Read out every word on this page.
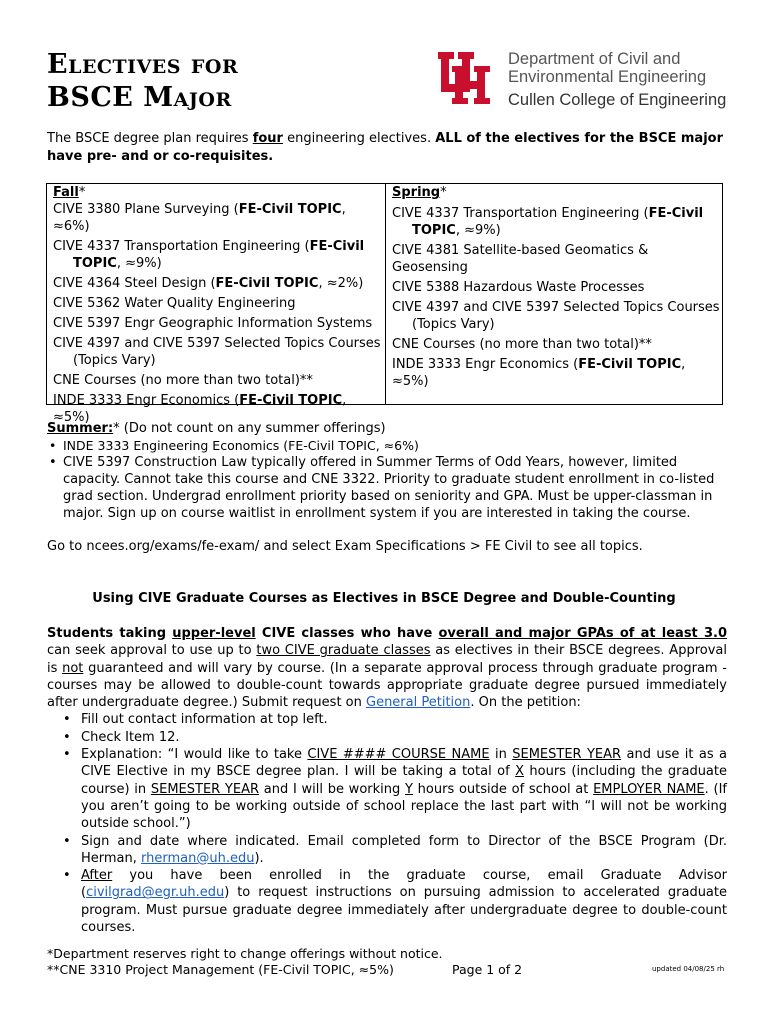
Electives for
BSCE Major
Department of Civil and
Environmental Engineering
Cullen College of Engineering
The BSCE degree plan requires four engineering electives. ALL of the electives for the BSCE major have pre- and or co-requisites.
Fall*
CIVE 3380 Plane Surveying (FE-Civil TOPIC, ≈6%)
CIVE 4337 Transportation Engineering (FE-Civil
TOPIC, ≈9%)
CIVE 4364 Steel Design (FE-Civil TOPIC, ≈2%)
CIVE 5362 Water Quality Engineering
CIVE 5397 Engr Geographic Information Systems
CIVE 4397 and CIVE 5397 Selected Topics Courses
(Topics Vary)
CNE Courses (no more than two total)**
INDE 3333 Engr Economics (FE-Civil TOPIC, ≈5%)
Spring*
CIVE 4337 Transportation Engineering (FE-Civil
TOPIC, ≈9%)
CIVE 4381 Satellite-based Geomatics & Geosensing
CIVE 5388 Hazardous Waste Processes
CIVE 4397 and CIVE 5397 Selected Topics Courses
(Topics Vary)
CNE Courses (no more than two total)**
INDE 3333 Engr Economics (FE-Civil TOPIC, ≈5%)
Summer:* (Do not count on any summer offerings)
• INDE 3333 Engineering Economics (FE-Civil TOPIC, ≈6%)
• CIVE 5397 Construction Law typically offered in Summer Terms of Odd Years, however, limited capacity. Cannot take this course and CNE 3322. Priority to graduate student enrollment in co-listed grad section. Undergrad enrollment priority based on seniority and GPA. Must be upper-classman in major. Sign up on course waitlist in enrollment system if you are interested in taking the course.
Go to ncees.org/exams/fe-exam/ and select Exam Specifications > FE Civil to see all topics.
Using CIVE Graduate Courses as Electives in BSCE Degree and Double-Counting
Students taking upper-level CIVE classes who have overall and major GPAs of at least 3.0 can seek approval to use up to two CIVE graduate classes as electives in their BSCE degrees. Approval is not guaranteed and will vary by course. (In a separate approval process through graduate program - courses may be allowed to double-count towards appropriate graduate degree pursued immediately after undergraduate degree.) Submit request on General Petition. On the petition:
• Fill out contact information at top left.
• Check Item 12.
• Explanation: “I would like to take CIVE #### COURSE NAME in SEMESTER YEAR and use it as a CIVE Elective in my BSCE degree plan. I will be taking a total of X hours (including the graduate course) in SEMESTER YEAR and I will be working Y hours outside of school at EMPLOYER NAME. (If you aren’t going to be working outside of school replace the last part with “I will not be working outside school.”)
• Sign and date where indicated. Email completed form to Director of the BSCE Program (Dr. Herman, rherman@uh.edu).
• After you have been enrolled in the graduate course, email Graduate Advisor (civilgrad@egr.uh.edu) to request instructions on pursuing admission to accelerated graduate program. Must pursue graduate degree immediately after undergraduate degree to double-count courses.
*Department reserves right to change offerings without notice.
**CNE 3310 Project Management (FE-Civil TOPIC, ≈5%)	Page 1 of 2	updated 04/08/25 rh
